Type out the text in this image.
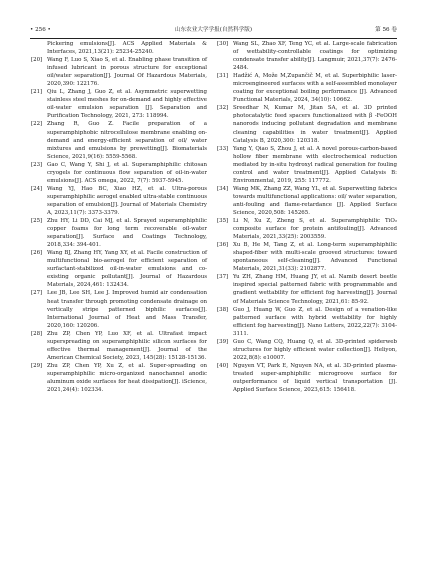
• 256 •	山东农业大学学报(自然科学版)	第 56 卷
Pickering emulsions[J]. ACS Applied Materials & Interfaces, 2021,13(21): 25234-25240.
[20] Wang F, Luo S, Xiao S, et al. Enabling phase transition of infused lubricant in porous structure for exceptional oil/water separation[J]. Journal Of Hazardous Materials, 2020,390: 122176.
[21] Qiu L, Zhang J, Guo Z, et al. Asymmetric superwetting stainless steel meshes for on-demand and highly effective oil-water emulsion separation [J]. Separation and Purification Technology, 2021, 273: 118994.
[22] Zhang R, Guo Z. Facile preparation of a superamphiphobic nitrocellulose membrane enabling on-demand and energy-efficient separation of oil/ water mixtures and emulsions by prewetting[J]. Biomaterials Science, 2021,9(16): 5559-5568.
[23] Gao C, Wang Y, Shi J, et al. Superamphiphilic chitosan cryogels for continuous flow separation of oil-in-water emulsions[J]. ACS omega, 2022, 7(7): 5937-5945.
[24] Wang YJ, Hao BC, Xiao HZ, et al. Ultra-porous superamphiphilic aerogel enabled ultra-stable continuous separation of emulsion[J]. Journal of Materials Chemistry A, 2023,11(7): 3373-3379.
[25] Zhu HY, Li DD, Cai MJ, et al. Sprayed superamphiphilic copper foams for long term recoverable oil-water separation[J]. Surface and Coatings Technology, 2018,334: 394-401.
[26] Wang BJ, Zhang HY, Yang XY, et al. Facile construction of multifunctional bio-aerogel for efficient separation of surfactant-stabilized oil-in-water emulsions and co-existing organic pollutant[J]. Journal of Hazardous Materials, 2024,461: 132434.
[27] Lee JB, Lee SH, Lee J. Improved humid air condensation heat transfer through promoting condensate drainage on vertically stripe patterned biphilic surfaces[J]. International Journal of Heat and Mass Transfer, 2020,160: 120206.
[28] Zhu ZP, Chen YP, Luo XF, et al. Ultrafast impact superspreading on superamphiphilic silicon surfaces for effective thermal management[J]. Journal of the American Chemical Society, 2023, 145(28): 15128-15136.
[29] Zhu ZP, Chen YP, Xu Z, et al. Super-spreading on superamphiphilic micro-organized nanochannel anodic aluminum oxide surfaces for heat dissipation[J]. iScience, 2021,24(4): 102334.
[30] Wang SL, Zhao XF, Teng YC, et al. Large-scale fabrication of wettability-controllable coatings for optimizing condensate transfer ability[J]. Langmuir, 2021,37(7): 2476-2484.
[31] Hadžić A, Može M,Zupančič M, et al. Superbiphilic laser-microengineered surfaces with a self-assembled monolayer coating for exceptional boiling performance [J]. Advanced Functional Materials, 2024, 34(10): 10662.
[32] Sreedhar N, Kumar M, Jitan SA, et al. 3D printed photocatalytic feed spacers functionalized with β -FeOOH nanorods inducing pollutant degradation and membrane cleaning capabilities in water treatment[J]. Applied Catalysis B, 2020,300: 120318.
[33] Yang Y, Qiao S, Zhou J, et al. A novel porous-carbon-based hollow fiber membrane with electrochemical reduction mediated by in-situ hydroxyl radical generation for fouling control and water treatment[J]. Applied Catalysis B: Environmental, 2019, 255: 117772.
[34] Wang MK, Zhang ZZ, Wang YL, et al. Superwetting fabrics towards multifunctional applications: oil/ water separation, anti-fouling and flame-retardance [J]. Applied Surface Science, 2020,508: 145265.
[35] Li N, Xu Z, Zheng S, et al. Superamphiphilic TiO₂ composite surface for protein antifouling[J]. Advanced Materials, 2021,33(25): 2003559.
[36] Xu B, He M, Tang Z, et al. Long-term superamphiphilic shaped-fiber with multi-scale grooved structures: toward spontaneous self-cleaning[J]. Advanced Functional Materials, 2021,31(33): 2102877.
[37] Yu ZH, Zhang HM, Huang JY, et al. Namib desert beetle inspired special patterned fabric with programmable and gradient wettability for efficient fog harvesting[J]. Journal of Materials Science Technology, 2021,61: 85-92.
[38] Guo J, Huang W, Guo Z, et al. Design of a venation-like patterned surface with hybrid wettability for highly efficient fog harvesting[J]. Nano Letters, 2022,22(7): 3104-3111.
[39] Guo C, Wang CQ, Huang Q, et al. 3D-printed spiderweb structures for highly efficient water collection[J]. Heliyon, 2022,8(8): e10007.
[40] Nguyen VT, Park E, Nguyen NA, et al. 3D-printed plasma-treated super-amphiphilic microgroove surface for outperformance of liquid vertical transportation [J]. Applied Surface Science, 2023,615: 156418.
